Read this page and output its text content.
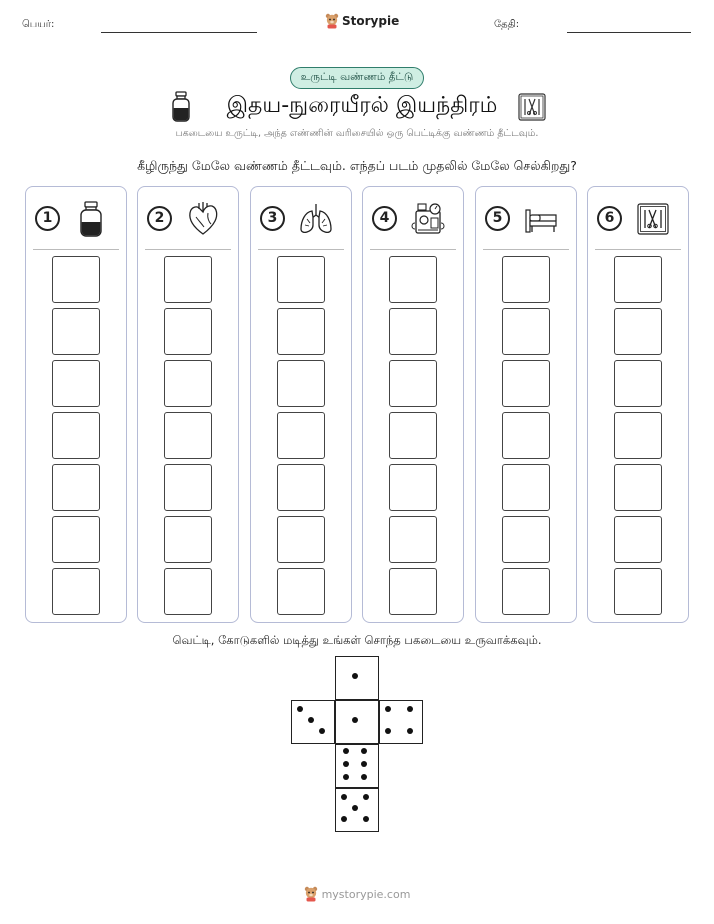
பெயர்:	Storypie	தேதி:
உருட்டி வண்ணம் தீட்டு
இதய-நுரையீரல் இயந்திரம்
பகடையை உருட்டி, அந்த எண்ணின் வரிசையில் ஒரு பெட்டிக்கு வண்ணம் தீட்டவும்.
கீழிருந்து மேலே வண்ணம் தீட்டவும். எந்தப் படம் முதலில் மேலே செல்கிறது?
1	2	3	4	5	6
வெட்டி, கோடுகளில் மடித்து உங்கள் சொந்த பகடையை உருவாக்கவும்.
mystorypie.com
